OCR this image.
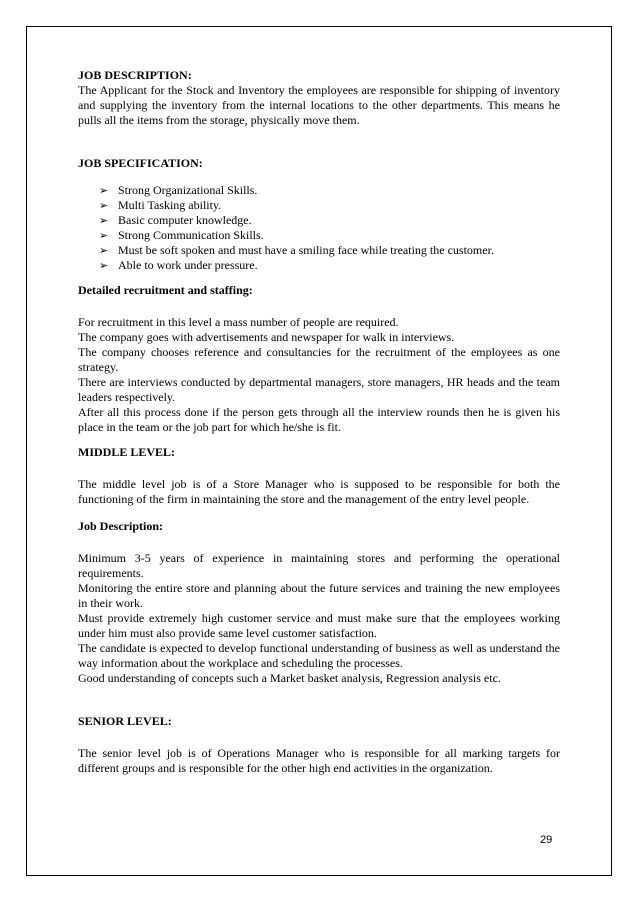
JOB DESCRIPTION:

The Applicant for the Stock and Inventory the employees are responsible for shipping of inventory and supplying the inventory from the internal locations to the other departments. This means he pulls all the items from the storage, physically move them.

JOB SPECIFICATION:

➢ Strong Organizational Skills.
➢ Multi Tasking ability.
➢ Basic computer knowledge.
➢ Strong Communication Skills.
➢ Must be soft spoken and must have a smiling face while treating the customer.
➢ Able to work under pressure.

Detailed recruitment and staffing:

For recruitment in this level a mass number of people are required.

The company goes with advertisements and newspaper for walk in interviews.

The company chooses reference and consultancies for the recruitment of the employees as one strategy.

There are interviews conducted by departmental managers, store managers, HR heads and the team leaders respectively.

After all this process done if the person gets through all the interview rounds then he is given his place in the team or the job part for which he/she is fit.

MIDDLE LEVEL:

The middle level job is of a Store Manager who is supposed to be responsible for both the functioning of the firm in maintaining the store and the management of the entry level people.

Job Description:

Minimum 3-5 years of experience in maintaining stores and performing the operational requirements.

Monitoring the entire store and planning about the future services and training the new employees in their work.

Must provide extremely high customer service and must make sure that the employees working under him must also provide same level customer satisfaction.

The candidate is expected to develop functional understanding of business as well as understand the way information about the workplace and scheduling the processes.

Good understanding of concepts such a Market basket analysis, Regression analysis etc.

SENIOR LEVEL:

The senior level job is of Operations Manager who is responsible for all marking targets for different groups and is responsible for the other high end activities in the organization.

29
